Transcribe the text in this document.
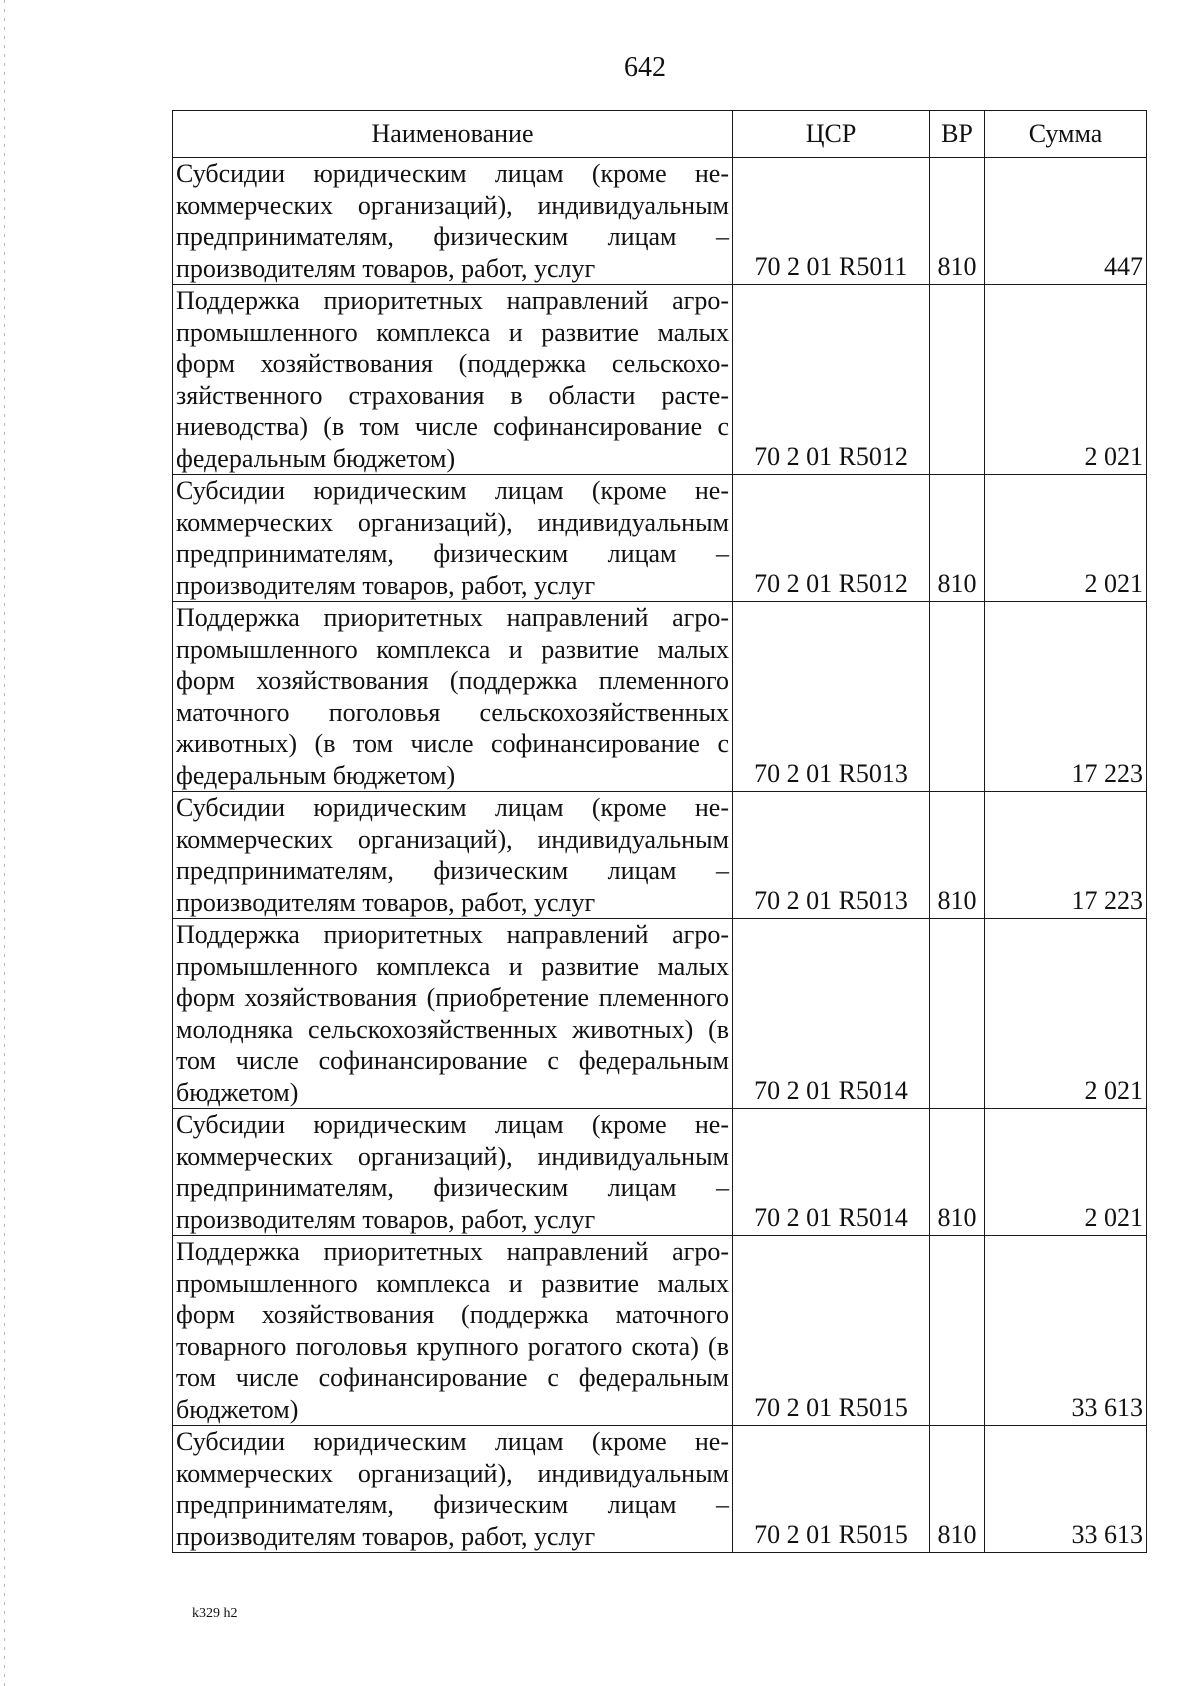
642
Наименование	ЦСР	ВР	Сумма
Субсидии юридическим лицам (кроме некоммерческих организаций), индивидуальным предпринимателям, физическим лицам – производителям товаров, работ, услуг	70 2 01 R5011	810	447
Поддержка приоритетных направлений агропромышленного комплекса и развитие малых форм хозяйствования (поддержка сельскохозяйственного страхования в области растениеводства) (в том числе софинансирование с федеральным бюджетом)	70 2 01 R5012		2 021
Субсидии юридическим лицам (кроме некоммерческих организаций), индивидуальным предпринимателям, физическим лицам – производителям товаров, работ, услуг	70 2 01 R5012	810	2 021
Поддержка приоритетных направлений агропромышленного комплекса и развитие малых форм хозяйствования (поддержка племенного маточного поголовья сельскохозяйственных животных) (в том числе софинансирование с федеральным бюджетом)	70 2 01 R5013		17 223
Субсидии юридическим лицам (кроме некоммерческих организаций), индивидуальным предпринимателям, физическим лицам – производителям товаров, работ, услуг	70 2 01 R5013	810	17 223
Поддержка приоритетных направлений агропромышленного комплекса и развитие малых форм хозяйствования (приобретение племенного молодняка сельскохозяйственных животных) (в том числе софинансирование с федеральным бюджетом)	70 2 01 R5014		2 021
Субсидии юридическим лицам (кроме некоммерческих организаций), индивидуальным предпринимателям, физическим лицам – производителям товаров, работ, услуг	70 2 01 R5014	810	2 021
Поддержка приоритетных направлений агропромышленного комплекса и развитие малых форм хозяйствования (поддержка маточного товарного поголовья крупного рогатого скота) (в том числе софинансирование с федеральным бюджетом)	70 2 01 R5015		33 613
Субсидии юридическим лицам (кроме некоммерческих организаций), индивидуальным предпринимателям, физическим лицам – производителям товаров, работ, услуг	70 2 01 R5015	810	33 613
k329 h2
